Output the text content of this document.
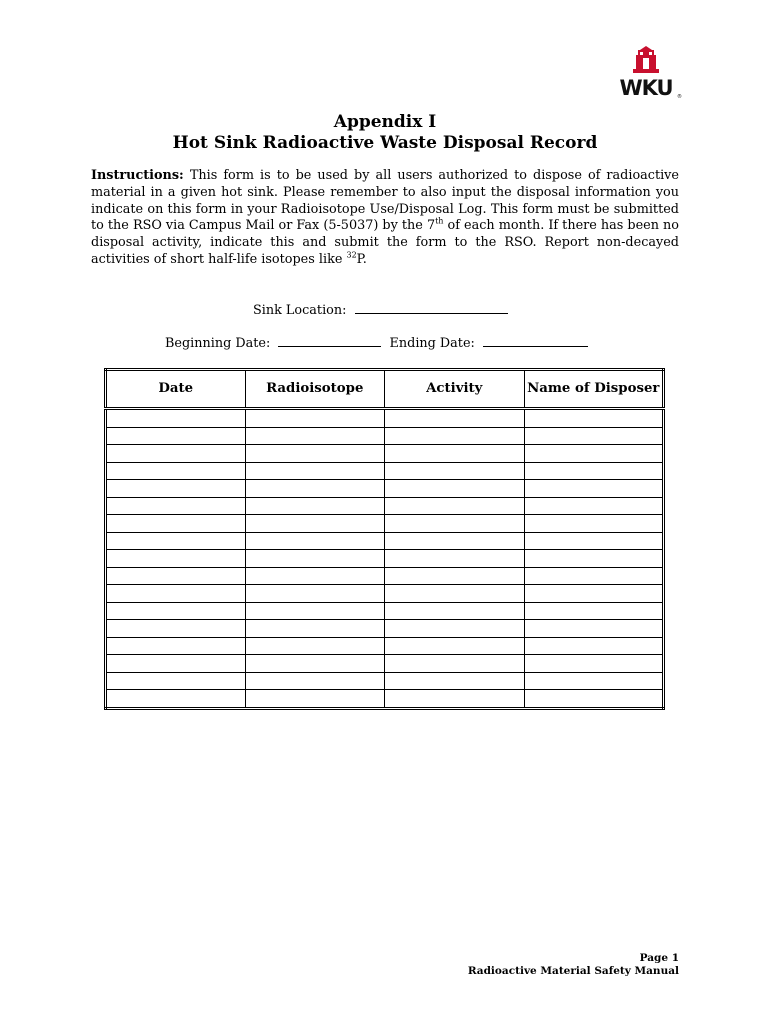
WKU ®
Appendix I
Hot Sink Radioactive Waste Disposal Record
Instructions: This form is to be used by all users authorized to dispose of radioactive material in a given hot sink. Please remember to also input the disposal information you indicate on this form in your Radioisotope Use/Disposal Log. This form must be submitted to the RSO via Campus Mail or Fax (5-5037) by the 7th of each month. If there has been no disposal activity, indicate this and submit the form to the RSO. Report non-decayed activities of short half-life isotopes like $^{32}$P.
Sink Location:
Beginning Date:	Ending Date:
Date	Radioisotope	Activity	Name of Disposer

Page 1
Radioactive Material Safety Manual
